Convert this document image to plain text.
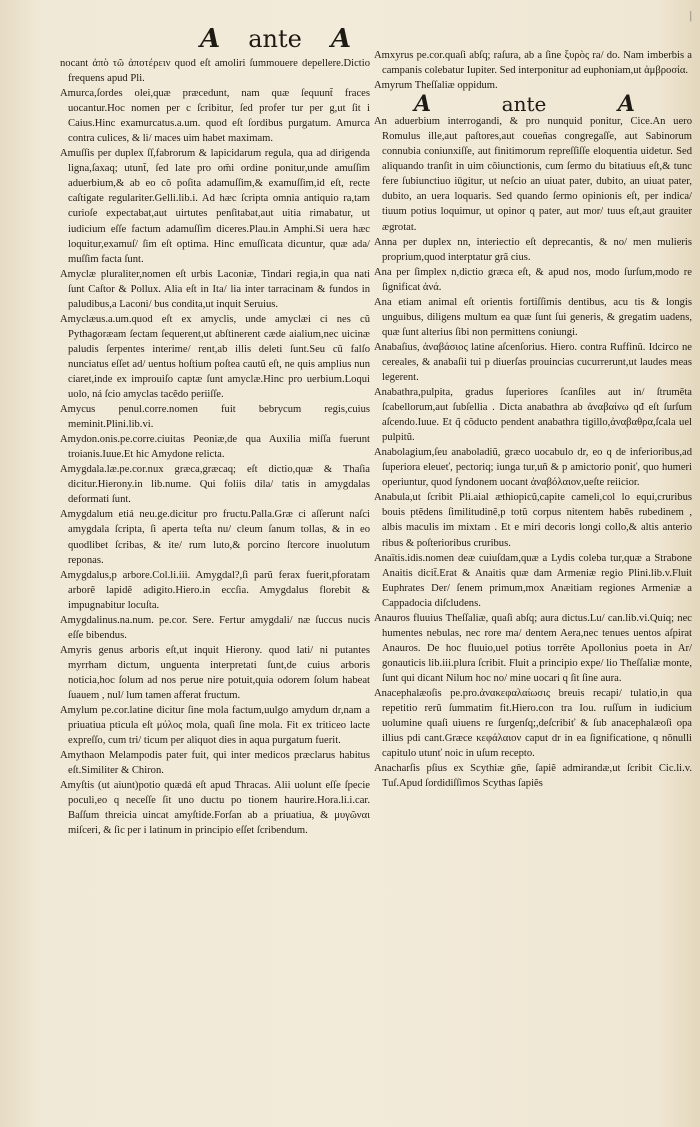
|
A ante A

nocant ἀπὸ τῶ ἀποτέρειν quod eſt amoliri ſummouere depellere.Dictio frequens apud Pli.

Amurca,ſordes olei,quæ præcedunt, nam quæ ſequunt̃ fraces uocantur.Hoc nomen per c ſcribitur, ſed profer tur per g,ut ſit i Caius.Hinc examurcatus.a.um. quod eſt ſordibus purgatum. Amurca contra culices, & li/ maces uim habet maximam.

Amuſſis per duplex ſſ,fabrorum & lapicidarum regula, qua ad dirigenda ligna,ſaxaq; utunt̃, ſed late pro om̃i ordine ponitur,unde amuſſim aduerbium,& ab eo cõ poſita adamuſſim,& examuſſim,id eſt, recte caſtigate regulariter.Gelli.lib.i. Ad hæc ſcripta omnia antiquio ra,tam curioſe expectabat,aut uirtutes penſitabat,aut uitia rimabatur, ut iudicium eſſe factum adamuſſim diceres.Plau.in Amphi.Si uera hæc loquitur,examuſ/ ſim eſt optima. Hinc emuſſicata dicuntur, quæ ada/ muſſim facta ſunt.

Amyclæ pluraliter,nomen eſt urbis Laconiæ, Tindari regia,in qua nati ſunt Caſtor & Pollux. Alia eſt in Ita/ lia inter tarracinam & fundos in paludibus,a Laconi/ bus condita,ut inquit Seruius.

Amyclæus.a.um.quod eſt ex amyclis, unde amyclæi ci nes cũ Pythagoræam ſectam ſequerent,ut abſtinerent cæde aialium,nec uicinæ paludis ſerpentes interime/ rent,ab illis deleti ſunt.Seu cũ falſo nunciatus eſſet ad/ uentus hoſtium poſtea cautũ eſt, ne quis amplius nun ciaret,inde ex improuiſo captæ ſunt amyclæ.Hinc pro uerbium.Loqui uolo, ná ſcio amyclas tacẽdo periiſſe.

Amycus penul.corre.nomen fuit bebrycum regis,cuius meminit.Plini.lib.vi.

Amydon.onis.pe.corre.ciuitas Peoniæ,de qua Auxilia miſſa fuerunt troianis.Iuue.Et hic Amydone relicta.

Amygdala.læ.pe.cor.nux græca,græcaq; eſt dictio,quæ & Thaſia dicitur.Hierony.in lib.nume. Qui foliis dila/ tatis in amygdalas deformati ſunt.

Amygdalum etiá neu.ge.dicitur pro fructu.Palla.Græ ci aſſerunt naſci amygdala ſcripta, ſi aperta teſta nu/ cleum ſanum tollas, & in eo quodlibet ſcribas, & ite/ rum luto,& porcino ſtercore inuolutum reponas.

Amygdalus,p arbore.Col.li.iii. Amygdal?,ſi parũ ferax fuerit,pforatam arborẽ lapidẽ adigito.Hiero.in eccſia. Amygdalus florebit & impugnabitur locuſta.

Amygdalinus.na.num. pe.cor. Sere. Fertur amygdali/ næ ſuccus nucis eſſe bibendus.

Amyris genus arboris eſt,ut inquit Hierony. quod lati/ ni putantes myrrham dictum, unguenta interpretati ſunt,de cuius arboris noticia,hoc ſolum ad nos perue nire potuit,quia odorem ſolum habeat ſuauem , nul/ lum tamen afferat fructum.

Amylum pe.cor.latine dicitur ſine mola factum,uulgo amydum dr,nam a priuatiua pticula eſt μύλος mola, quaſi ſine mola. Fit ex triticeo lacte expreſſo, cum tri/ ticum per aliquot dies in aqua purgatum fuerit.

Amythaon Melampodis pater fuit, qui inter medicos præclarus habitus eſt.Similiter & Chiron.

Amyſtis (ut aiunt)potio quædá eſt apud Thracas. Alii uolunt eſſe ſpecie poculi,eo q neceſſe ſit uno ductu po tionem haurire.Hora.li.i.car. Baſſum threicia uincat amyſtide.Forſan ab a priuatiua, & μυγῶναι miſceri, & ſic per i latinum in principio eſſet ſcribendum.

Amxyrus pe.cor.quaſi abſq; raſura, ab a ſine ξυρὸς ra/ do. Nam imberbis a campanis colebatur Iupiter. Sed interponitur ad euphoniam,ut ἀμβροσία.

Amyrum Theſſaliæ oppidum.

A	ante	A

An aduerbium interrogandi, & pro nunquid ponitur, Cice.An uero Romulus ille,aut paſtores,aut coueñas congregaſſe, aut Sabinorum connubia coniunxiſſe, aut finitimorum repreſſiſſe eloquentia uidetur. Sed aliquando tranſit in uim cõiunctionis, cum ſermo du bitatiuus eſt,& tunc fere ſubiunctiuo iūgitur, ut neſcio an uiuat pater, dubito, an uiuat pater, dubito, an uera loquaris. Sed quando ſermo opinionis eſt, per indica/ tiuum potius loquimur, ut opinor q pater, aut mor/ tuus eſt,aut grauiter ægrotat.

Anna per duplex nn, interiectio eſt deprecantis, & no/ men mulieris proprium,quod interptatur grã cius.

Ana per ſimplex n,dictio græca eſt, & apud nos, modo ſurſum,modo re ſignificat ἀνά.

Ana etiam animal eſt orientis fortiſſimis dentibus, acu tis & longis unguibus, diligens multum ea quæ ſunt ſui generis, & gregatim uadens, quæ ſunt alterius ſibi non permittens coniungi.

Anabaſius, ἀναβάσιος latine aſcenſorius. Hiero. contra Ruffinũ. Idcirco ne cereales, & anabaſii tui p diuerſas prouincias cucurrerunt,ut laudes meas legerent.

Anabathra,pulpita, gradus ſuperiores ſcanſiles aut in/ ſtrumẽta ſcabellorum,aut ſubſellia . Dicta anabathra ab ἀναβαίνω qđ eſt ſurſum aſcendo.Iuue. Et q̃ cõducto pendent anabathra tigillo,ἀναβαθρα,ſcala uel pulpitũ.

Anabolagium,ſeu anaboladiũ, græco uocabulo dr, eo q de inferioribus,ad ſuperiora eleueť, pectoriq; iunga tur,uñ & p amictorio poniť, quo humeri operiuntur, quod ſyndonem uocant ἀναβόλαιον,ueſte reiicior.

Anabula,ut ſcribit Pli.aial æthiopicũ,capite cameli,col lo equi,cruribus bouis ptẽdens ſimilitudinẽ,p totũ corpus nitentem habẽs rubedinem , albis maculis im mixtam . Et e miri decoris longi collo,& altis anterio ribus & poſterioribus cruribus.

Anaïtis.idis.nomen deæ cuiuſdam,quæ a Lydis coleba tur,quæ a Strabone Anaitis dicit̃.Erat & Anaitis quæ dam Armeniæ regio Plini.lib.v.Fluit Euphrates Der/ ſenem primum,mox Anæitiam regiones Armeniæ a Cappadocia diſcludens.

Anauros fluuius Theſſaliæ, quaſi abſq; aura dictus.Lu/ can.lib.vi.Quiq; nec humentes nebulas, nec rore ma/ dentem Aera,nec tenues uentos aſpirat Anauros. De hoc fluuio,uel potius torrẽte Apollonius poeta in Ar/ gonauticis lib.iii.plura ſcribit. Fluit a principio expe/ lio Theſſaliæ monte, ſunt qui dicant Nilum hoc no/ mine uocari q ſit ſine aura.

Anacephalæoſis pe.pro.ἀνακεφαλαίωσις breuis recapi/ tulatio,in qua repetitio rerũ ſummatim fit.Hiero.con tra Iou. ruſſum in iudicium uolumine quaſi uiuens re ſurgenſq;,deſcribiť & ſub anacephalæoſi opa illius pdi cant.Græce κεφάλαιον caput dr in ea ſignificatione, q nõnulli capitulo utunť noic in uſum recepto.

Anacharſis pſius ex Scythiæ gñe, ſapiẽ admirandæ,ut ſcribit Cic.li.v. Tuſ.Apud ſordidiſſimos Scythas ſapiẽs
